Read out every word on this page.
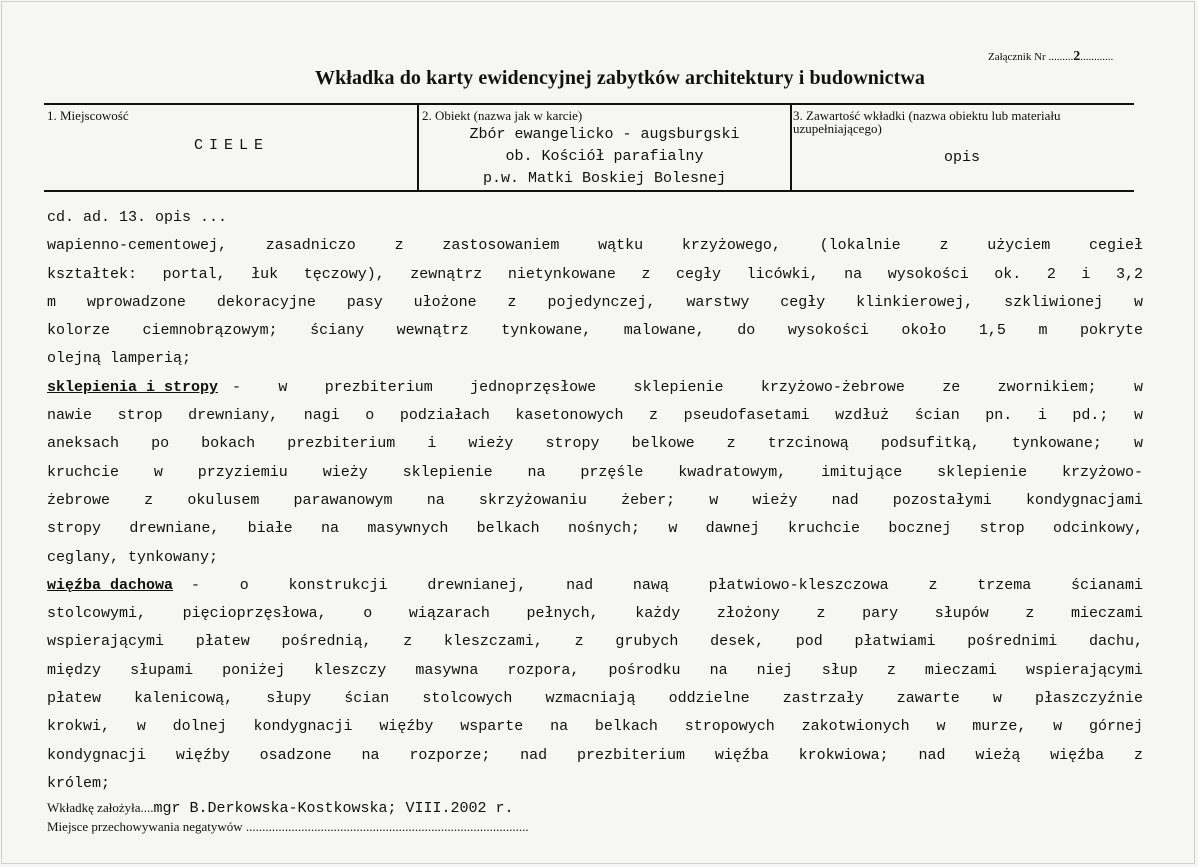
Załącznik Nr .........2............
Wkładka do karty ewidencyjnej zabytków architektury i budownictwa
1. Miejscowość
CIELE
2. Obiekt (nazwa jak w karcie)
Zbór ewangelicko - augsburgski
ob. Kościół parafialny
p.w. Matki Boskiej Bolesnej
3. Zawartość wkładki (nazwa obiektu lub materiału uzupełniającego)
opis
cd. ad. 13. opis ...
wapienno-cementowej, zasadniczo z zastosowaniem wątku krzyżowego, (lokalnie z użyciem cegieł
kształtek: portal, łuk tęczowy), zewnątrz nietynkowane z cegły licówki, na wysokości ok. 2 i 3,2
m wprowadzone dekoracyjne pasy ułożone z pojedynczej, warstwy cegły klinkierowej, szkliwionej w
kolorze ciemnobrązowym; ściany wewnątrz tynkowane, malowane, do wysokości około 1,5 m pokryte
olejną lamperią;
sklepienia i stropy - w prezbiterium jednoprzęsłowe sklepienie krzyżowo-żebrowe ze zwornikiem; w
nawie strop drewniany, nagi o podziałach kasetonowych z pseudofasetami wzdłuż ścian pn. i pd.; w
aneksach po bokach prezbiterium i wieży stropy belkowe z trzcinową podsufitką, tynkowane; w
kruchcie w przyziemiu wieży sklepienie na przęśle kwadratowym, imitujące sklepienie krzyżowo-
żebrowe z okulusem parawanowym na skrzyżowaniu żeber; w wieży nad pozostałymi kondygnacjami
stropy drewniane, białe na masywnych belkach nośnych; w dawnej kruchcie bocznej strop odcinkowy,
ceglany, tynkowany;
więźba dachowa - o konstrukcji drewnianej, nad nawą płatwiowo-kleszczowa z trzema ścianami
stolcowymi, pięcioprzęsłowa, o wiązarach pełnych, każdy złożony z pary słupów z mieczami
wspierającymi płatew pośrednią, z kleszczami, z grubych desek, pod płatwiami pośrednimi dachu,
między słupami poniżej kleszczy masywna rozpora, pośrodku na niej słup z mieczami wspierającymi
płatew kalenicową, słupy ścian stolcowych wzmacniają oddzielne zastrzały zawarte w płaszczyźnie
krokwi, w dolnej kondygnacji więźby wsparte na belkach stropowych zakotwionych w murze, w górnej
kondygnacji więźby osadzone na rozporze; nad prezbiterium więźba krokwiowa; nad wieżą więźba z
królem;
Wkładkę założyła....mgr B.Derkowska-Kostkowska; VIII.2002 r.
Miejsce przechowywania negatywów .......................................................................................
